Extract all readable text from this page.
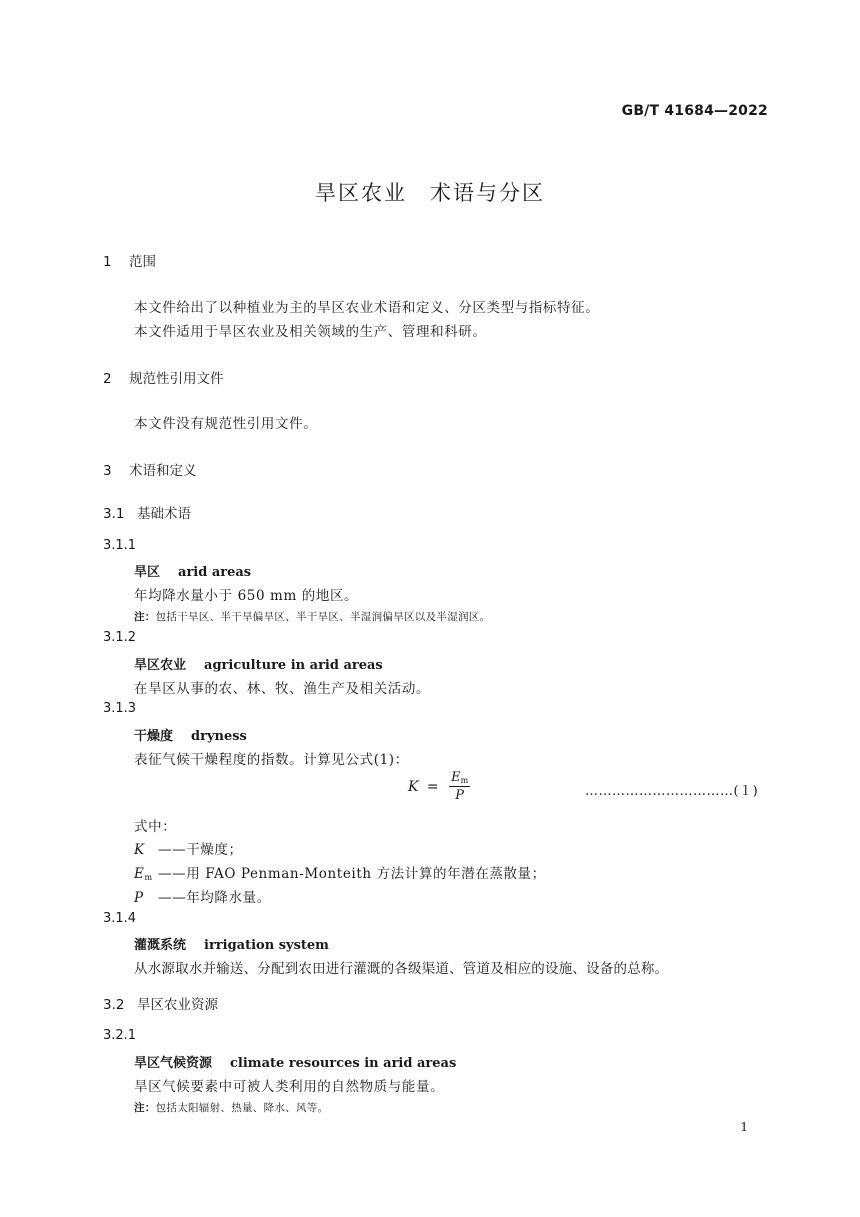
GB/T 41684—2022
旱区农业　术语与分区
1 范围
本文件给出了以种植业为主的旱区农业术语和定义、分区类型与指标特征。
本文件适用于旱区农业及相关领域的生产、管理和科研。
2 规范性引用文件
本文件没有规范性引用文件。
3 术语和定义
3.1 基础术语
3.1.1
旱区 arid areas
年均降水量小于 650 mm 的地区。
注：包括干旱区、半干旱偏旱区、半干旱区、半湿润偏旱区以及半湿润区。
3.1.2
旱区农业 agriculture in arid areas
在旱区从事的农、林、牧、渔生产及相关活动。
3.1.3
干燥度 dryness
表征气候干燥程度的指数。计算见公式(1)：
$K = \frac{E_m}{P}$	……………………………(１)
式中：
K ——干燥度；
$E_m$ ——用 FAO Penman-Monteith 方法计算的年潜在蒸散量；
P ——年均降水量。
3.1.4
灌溉系统 irrigation system
从水源取水并输送、分配到农田进行灌溉的各级渠道、管道及相应的设施、设备的总称。
3.2 旱区农业资源
3.2.1
旱区气候资源 climate resources in arid areas
旱区气候要素中可被人类利用的自然物质与能量。
注：包括太阳辐射、热量、降水、风等。
1
